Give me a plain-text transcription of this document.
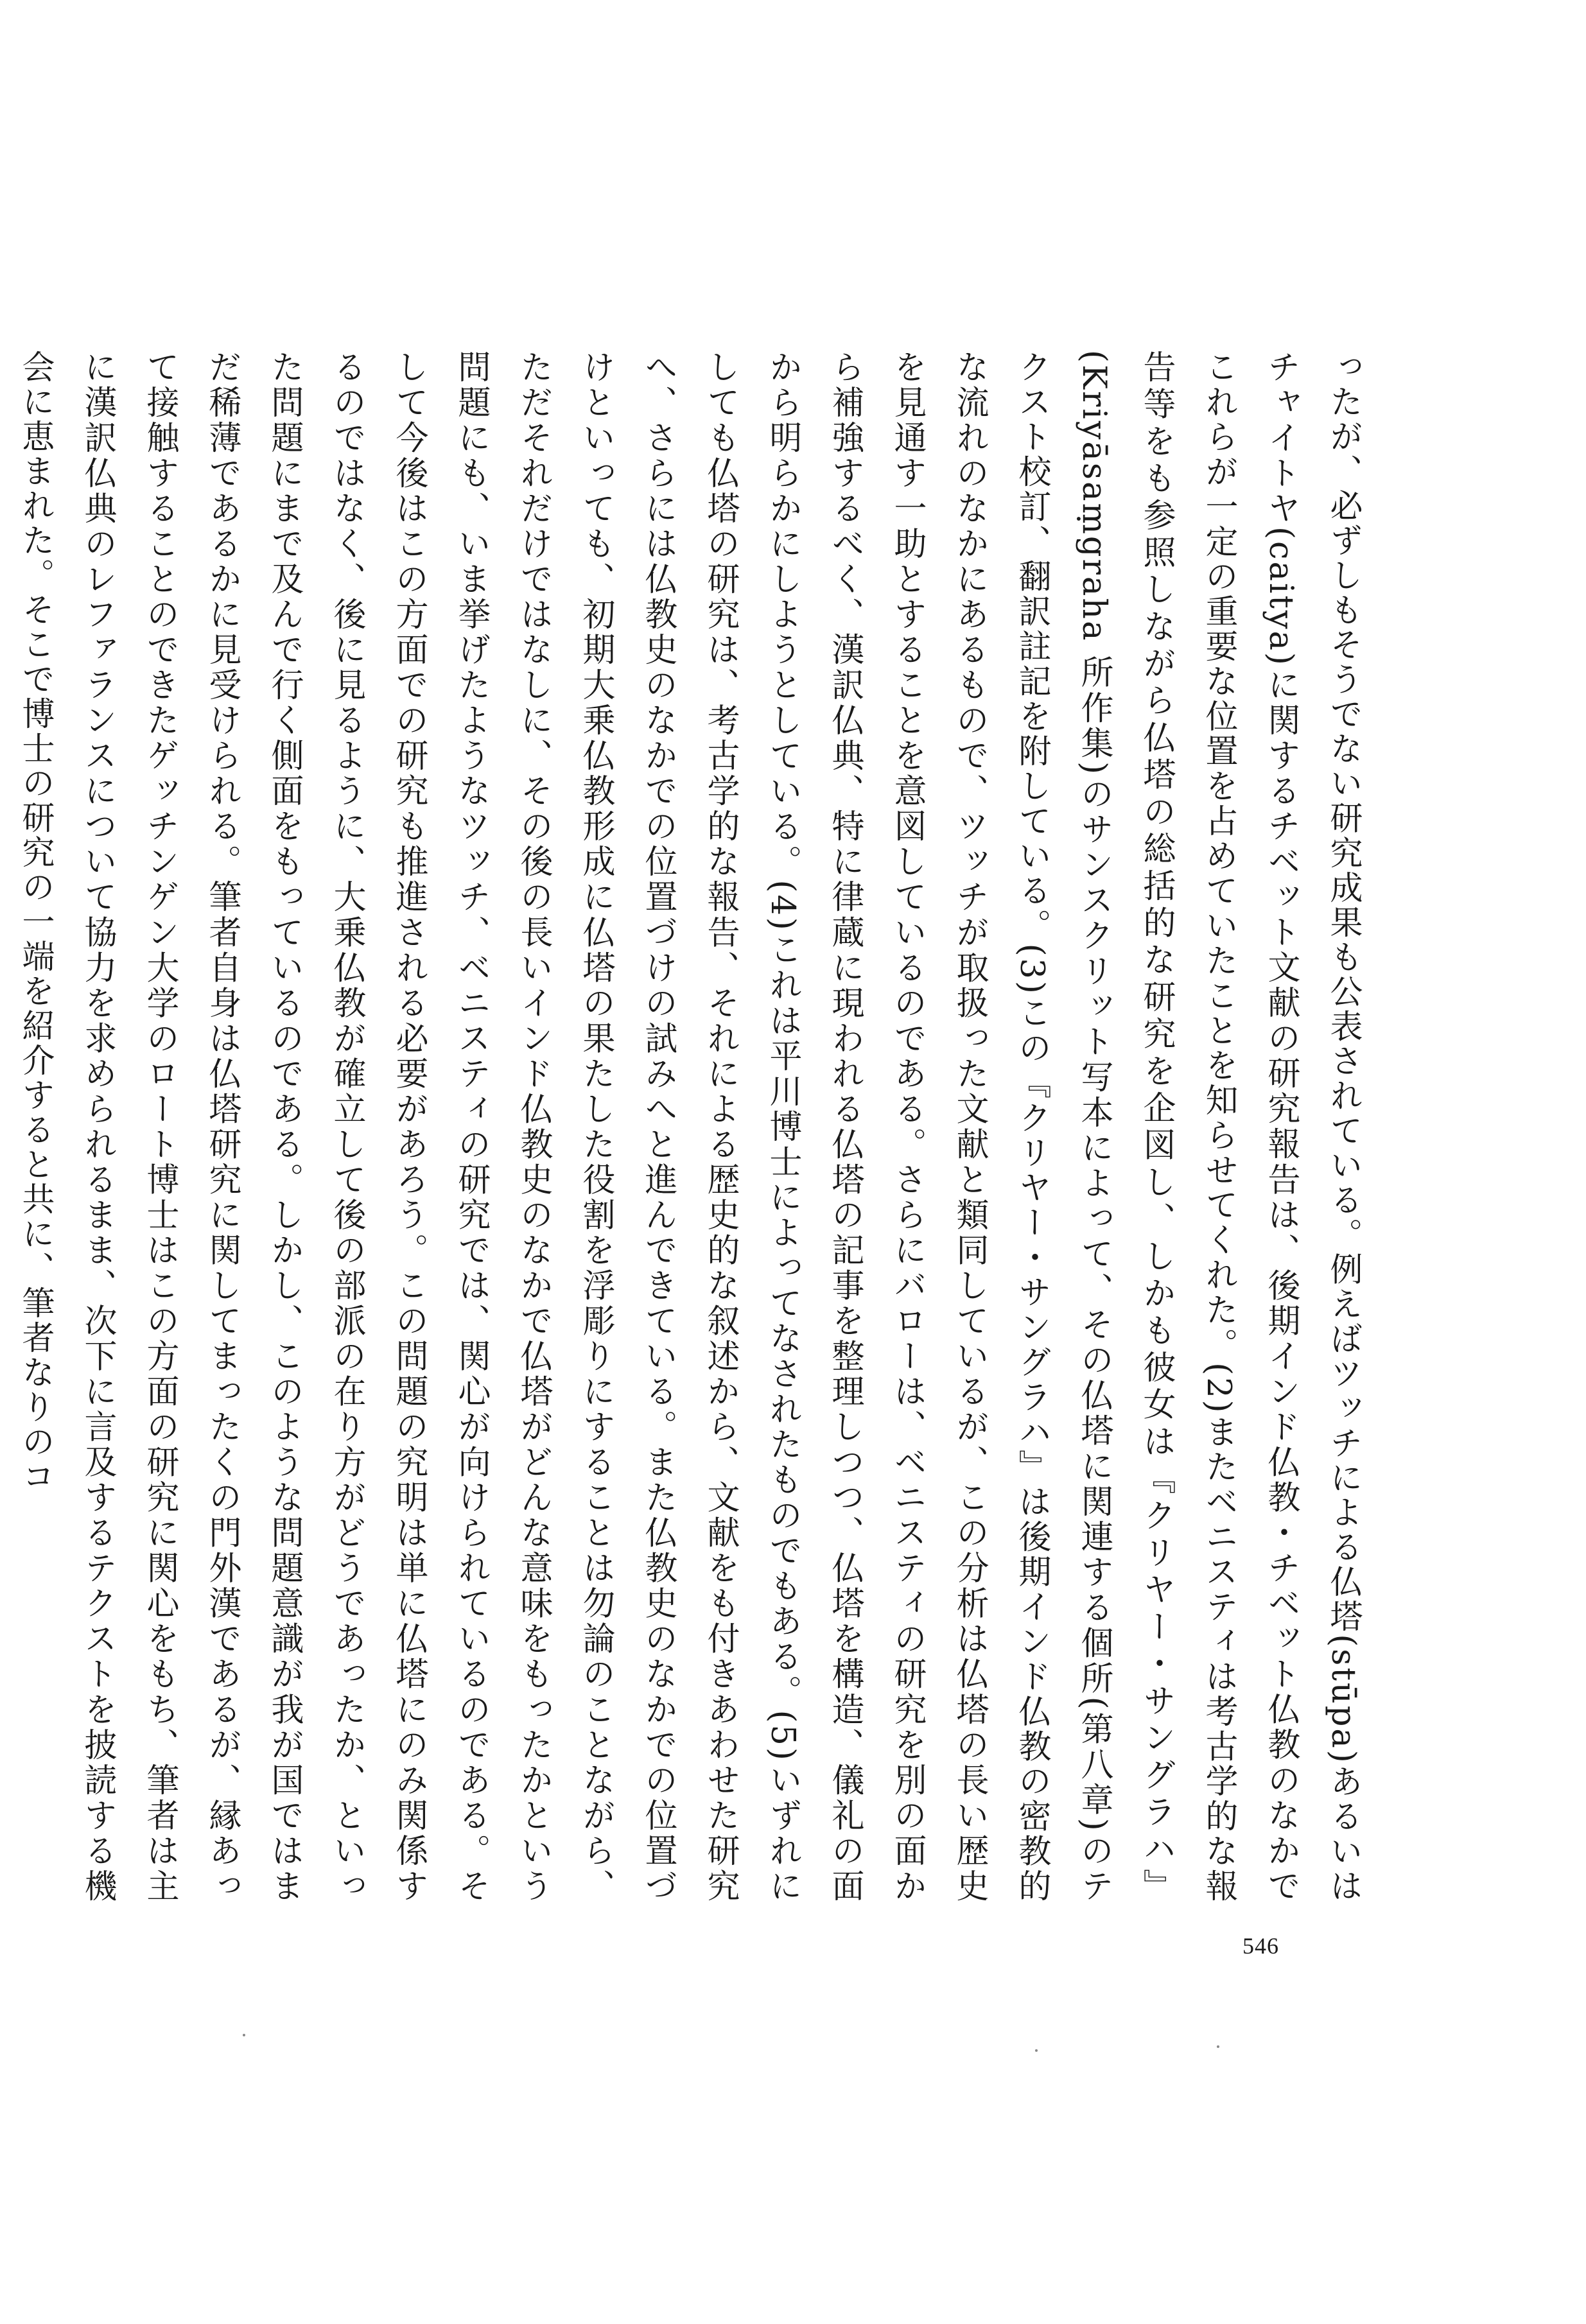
ったが、必ずしもそうでない研究成果も公表されている。例えばツッチによる仏塔(stūpa)あるいはチャイトヤ(caitya)に関するチベット文献の研究報告は、後期インド仏教・チベット仏教のなかでこれらが一定の重要な位置を占めていたことを知らせてくれた。(2)またベニスティは考古学的な報告等をも参照しながら仏塔の総括的な研究を企図し、しかも彼女は『クリヤー・サングラハ』(Kriyāsaṃgraha 所作集)のサンスクリット写本によって、その仏塔に関連する個所(第八章)のテクスト校訂、翻訳註記を附している。(3)この『クリヤー・サングラハ』は後期インド仏教の密教的な流れのなかにあるもので、ツッチが取扱った文献と類同しているが、この分析は仏塔の長い歴史を見通す一助とすることを意図しているのである。さらにバローは、ベニスティの研究を別の面から補強するべく、漢訳仏典、特に律蔵に現われる仏塔の記事を整理しつつ、仏塔を構造、儀礼の面から明らかにしようとしている。(4)これは平川博士によってなされたものでもある。(5)いずれにしても仏塔の研究は、考古学的な報告、それによる歴史的な叙述から、文献をも付きあわせた研究へ、さらには仏教史のなかでの位置づけの試みへと進んできている。また仏教史のなかでの位置づけといっても、初期大乗仏教形成に仏塔の果たした役割を浮彫りにすることは勿論のことながら、ただそれだけではなしに、その後の長いインド仏教史のなかで仏塔がどんな意味をもったかという問題にも、いま挙げたようなツッチ、ベニスティの研究では、関心が向けられているのである。そして今後はこの方面での研究も推進される必要があろう。この問題の究明は単に仏塔にのみ関係するのではなく、後に見るように、大乗仏教が確立して後の部派の在り方がどうであったか、といった問題にまで及んで行く側面をもっているのである。しかし、このような問題意識が我が国ではまだ稀薄であるかに見受けられる。筆者自身は仏塔研究に関してまったくの門外漢であるが、縁あって接触することのできたゲッチンゲン大学のロート博士はこの方面の研究に関心をもち、筆者は主に漢訳仏典のレファランスについて協力を求められるまま、次下に言及するテクストを披読する機会に恵まれた。そこで博士の研究の一端を紹介すると共に、筆者なりのコ

546
